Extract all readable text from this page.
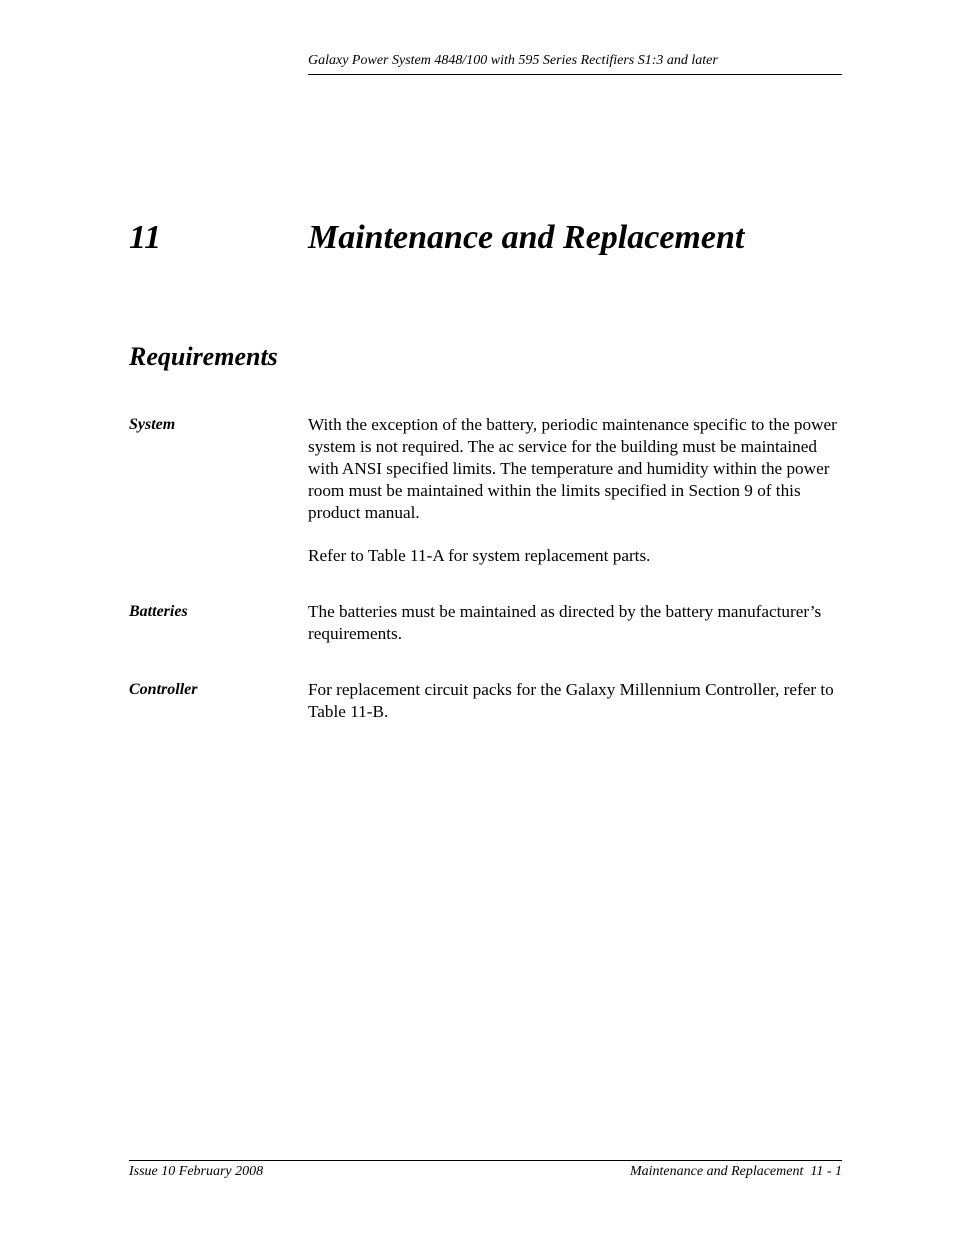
Galaxy Power System 4848/100 with 595 Series Rectifiers S1:3 and later
11	Maintenance and Replacement
Requirements
System	With the exception of the battery, periodic maintenance specific to the power system is not required. The ac service for the building must be maintained with ANSI specified limits. The temperature and humidity within the power room must be maintained within the limits specified in Section 9 of this product manual.

Refer to Table 11-A for system replacement parts.

Batteries	The batteries must be maintained as directed by the battery manufacturer’s requirements.

Controller	For replacement circuit packs for the Galaxy Millennium Controller, refer to Table 11-B.

Issue 10 February 2008	Maintenance and Replacement  11 - 1
